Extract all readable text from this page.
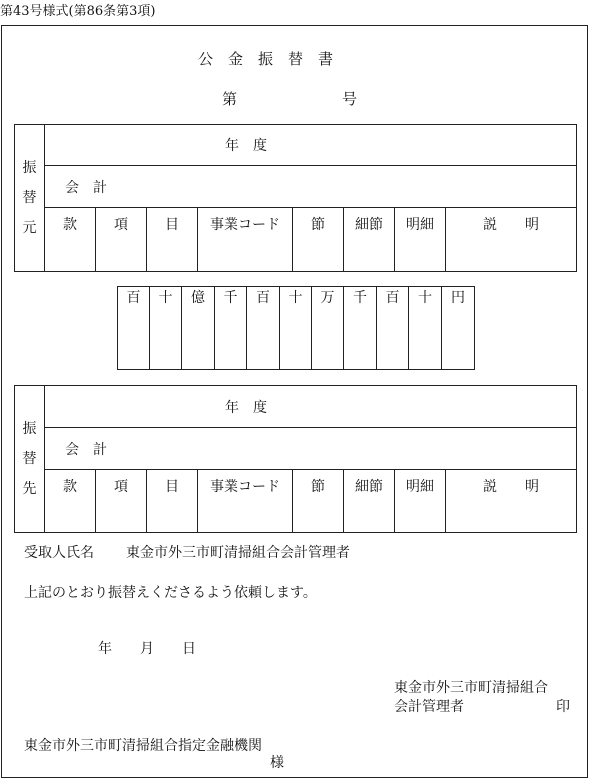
第43号様式(第86条第3項)
公　金　振　替　書
第　　　　　　　号
振
替
元	年　度							

	会　計							

	款	項	目	事業コード	節	細節	明細	説　　明
百	十	億	千	百	十	万	千	百	十	円
振
替
先	年　度							

	会　計							

	款	項	目	事業コード	節	細節	明細	説　　明
受取人氏名 東金市外三市町清掃組合会計管理者
上記のとおり振替えくださるよう依頼します。
年　　月　　日
東金市外三市町清掃組合
会計管理者	印
東金市外三市町清掃組合指定金融機関
様
